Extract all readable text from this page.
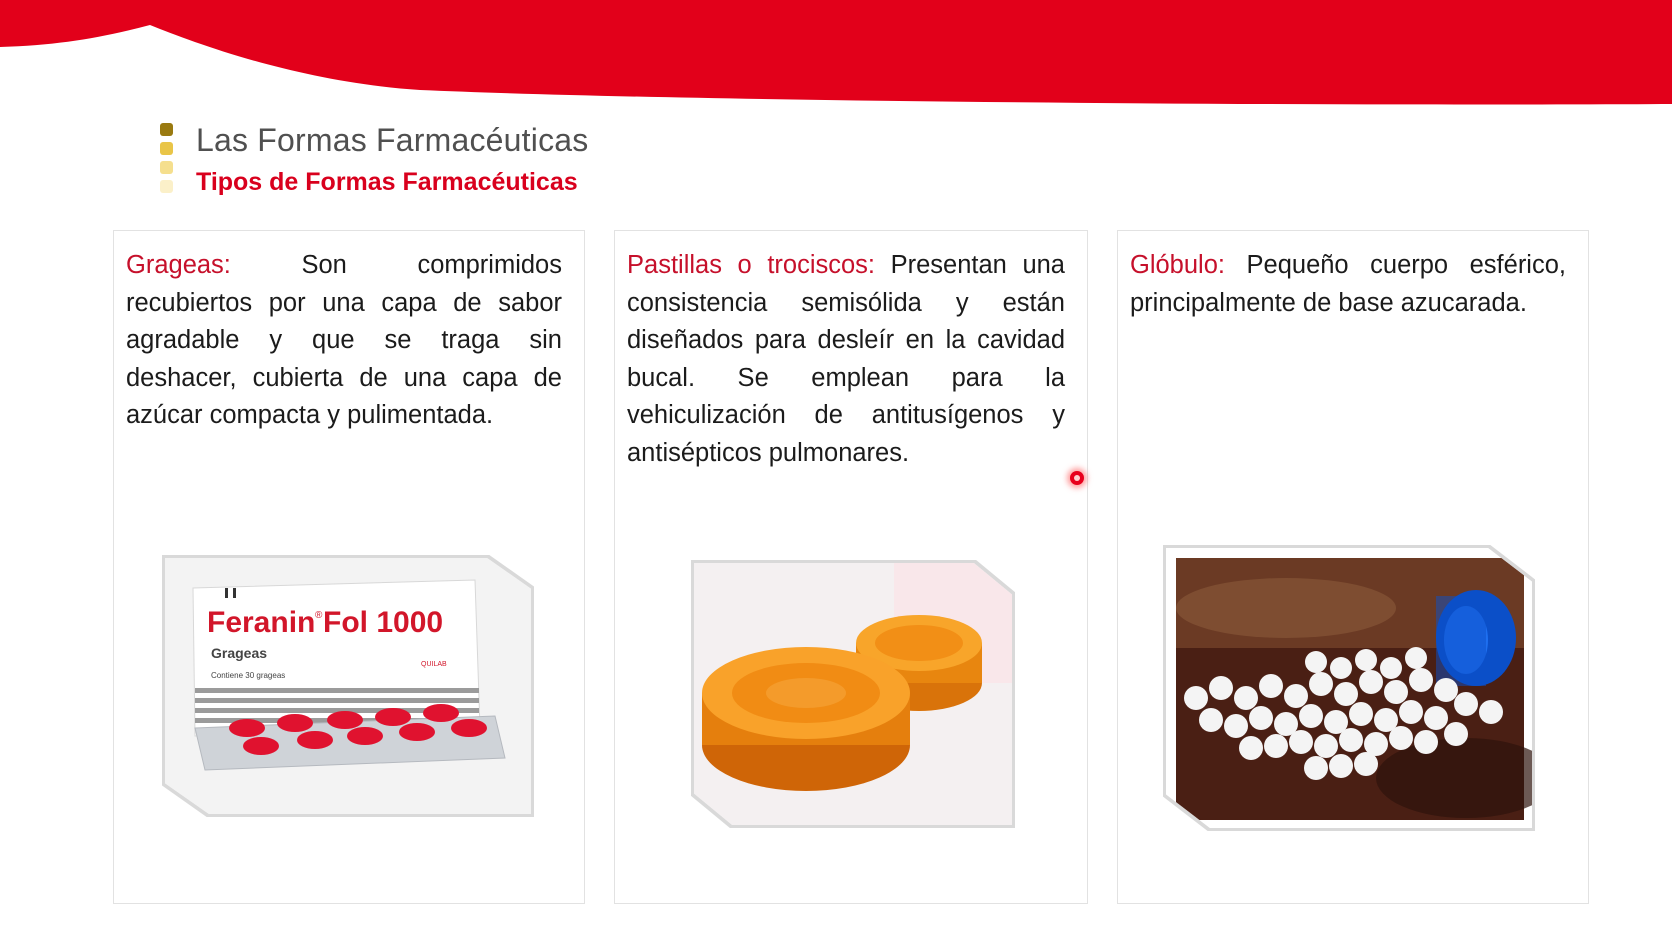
Las Formas Farmacéuticas
Tipos de Formas Farmacéuticas
Grageas:	Son comprimidos recubiertos por una capa de sabor agradable y que se traga sin deshacer, cubierta de una capa de azúcar compacta y pulimentada.
Feranin ® Fol 1000
Grageas
Contiene 30 grageas
QUILAB
Pastillas o trociscos: Presentan una consistencia semisólida y están diseñados para desleír en la cavidad bucal. Se emplean para la vehiculización de antitusígenos y antisépticos pulmonares.
Glóbulo: Pequeño cuerpo esférico, principalmente de base azucarada.
